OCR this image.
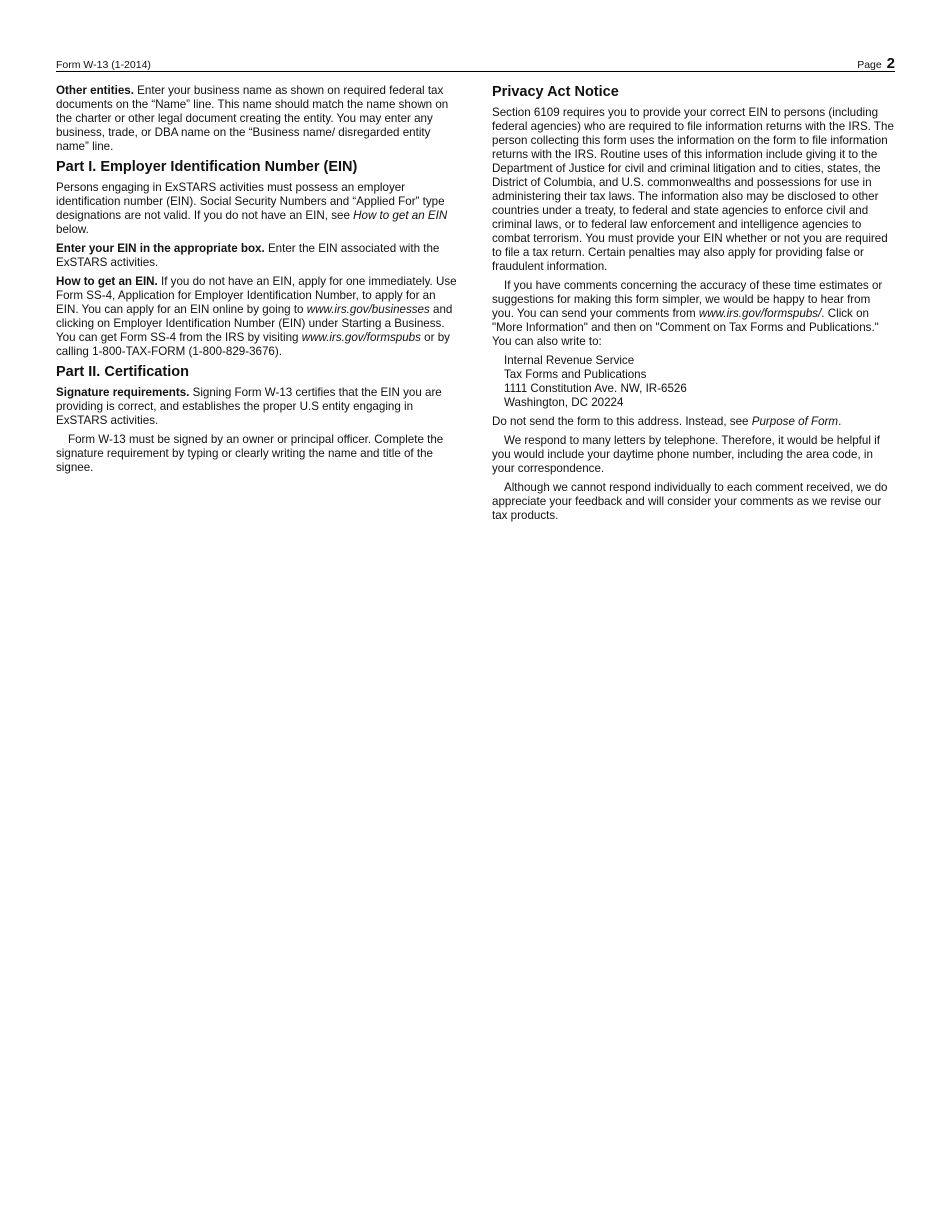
Form W-13 (1-2014)	Page 2

Other entities. Enter your business name as shown on required federal tax documents on the “Name” line. This name should match the name shown on the charter or other legal document creating the entity. You may enter any business, trade, or DBA name on the “Business name/ disregarded entity name” line.

Part I. Employer Identification Number (EIN)

Persons engaging in ExSTARS activities must possess an employer identification number (EIN). Social Security Numbers and “Applied For” type designations are not valid. If you do not have an EIN, see How to get an EIN below.

Enter your EIN in the appropriate box. Enter the EIN associated with the ExSTARS activities.

How to get an EIN. If you do not have an EIN, apply for one immediately. Use Form SS-4, Application for Employer Identification Number, to apply for an EIN. You can apply for an EIN online by going to www.irs.gov/businesses and clicking on Employer Identification Number (EIN) under Starting a Business. You can get Form SS-4 from the IRS by visiting www.irs.gov/formspubs or by calling 1-800-TAX-FORM (1-800-829-3676).

Part II. Certification

Signature requirements. Signing Form W-13 certifies that the EIN you are providing is correct, and establishes the proper U.S entity engaging in ExSTARS activities.

Form W-13 must be signed by an owner or principal officer. Complete the signature requirement by typing or clearly writing the name and title of the signee.

Privacy Act Notice

Section 6109 requires you to provide your correct EIN to persons (including federal agencies) who are required to file information returns with the IRS. The person collecting this form uses the information on the form to file information returns with the IRS. Routine uses of this information include giving it to the Department of Justice for civil and criminal litigation and to cities, states, the District of Columbia, and U.S. commonwealths and possessions for use in administering their tax laws. The information also may be disclosed to other countries under a treaty, to federal and state agencies to enforce civil and criminal laws, or to federal law enforcement and intelligence agencies to combat terrorism. You must provide your EIN whether or not you are required to file a tax return. Certain penalties may also apply for providing false or fraudulent information.

If you have comments concerning the accuracy of these time estimates or suggestions for making this form simpler, we would be happy to hear from you. You can send your comments from www.irs.gov/formspubs/. Click on "More Information" and then on "Comment on Tax Forms and Publications." You can also write to:

Internal Revenue Service
Tax Forms and Publications
1111 Constitution Ave. NW, IR-6526
Washington, DC 20224

Do not send the form to this address. Instead, see Purpose of Form.

We respond to many letters by telephone. Therefore, it would be helpful if you would include your daytime phone number, including the area code, in your correspondence.

Although we cannot respond individually to each comment received, we do appreciate your feedback and will consider your comments as we revise our tax products.
